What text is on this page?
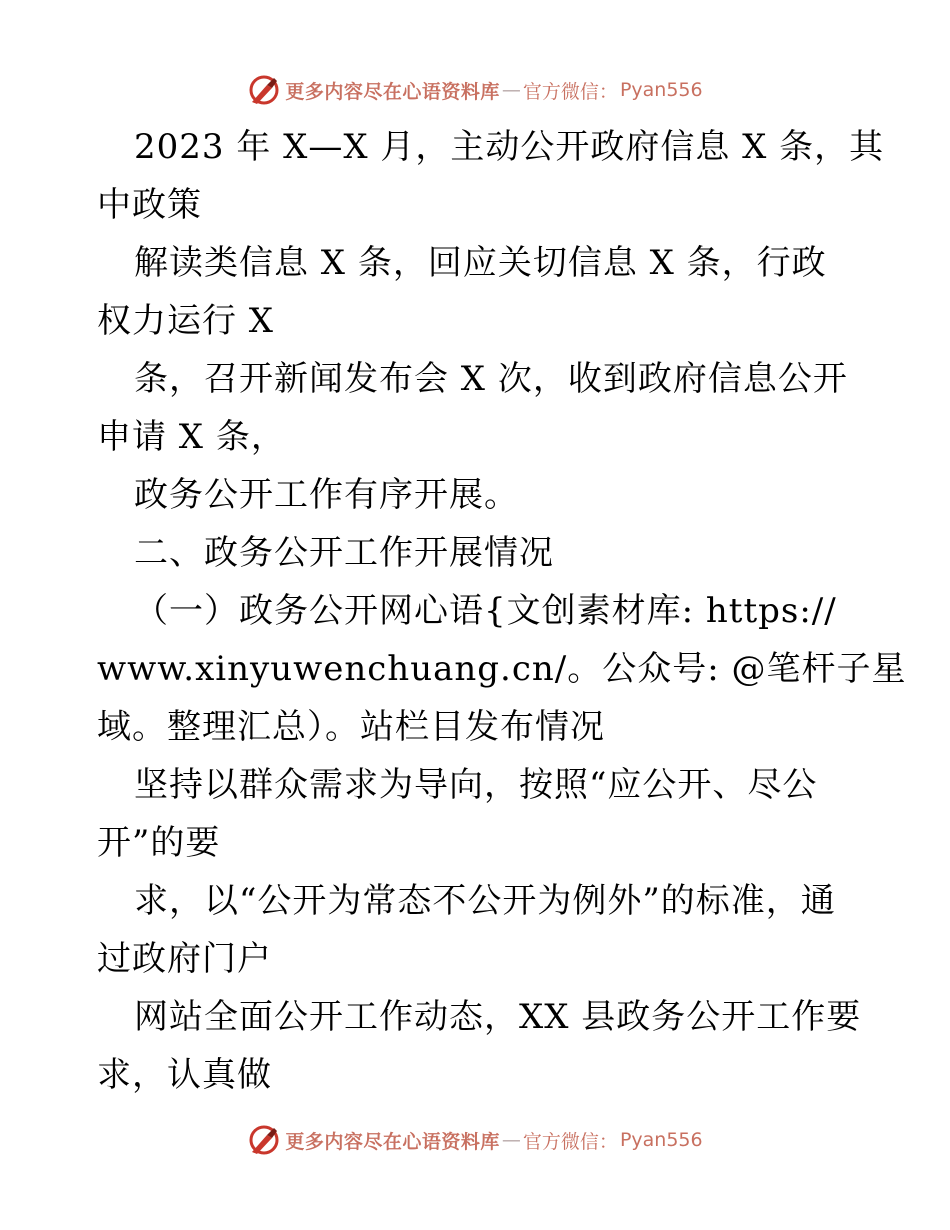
更多内容尽在心语资料库 — 官方微信： Pyan556
2023 年 X—X 月，主动公开政府信息 X 条，其
中政策
解读类信息 X 条，回应关切信息 X 条，行政
权力运行 X
条，召开新闻发布会 X 次，收到政府信息公开
申请 X 条，
政务公开工作有序开展。
二、政务公开工作开展情况
（一）政务公开网心语{文创素材库: https://
www.xinyuwenchuang.cn/。公众号: @笔杆子星
域。整理汇总）。站栏目发布情况
坚持以群众需求为导向，按照“应公开、尽公
开”的要
求，以“公开为常态不公开为例外”的标准，通
过政府门户
网站全面公开工作动态，XX 县政务公开工作要
求，认真做
更多内容尽在心语资料库 — 官方微信： Pyan556
